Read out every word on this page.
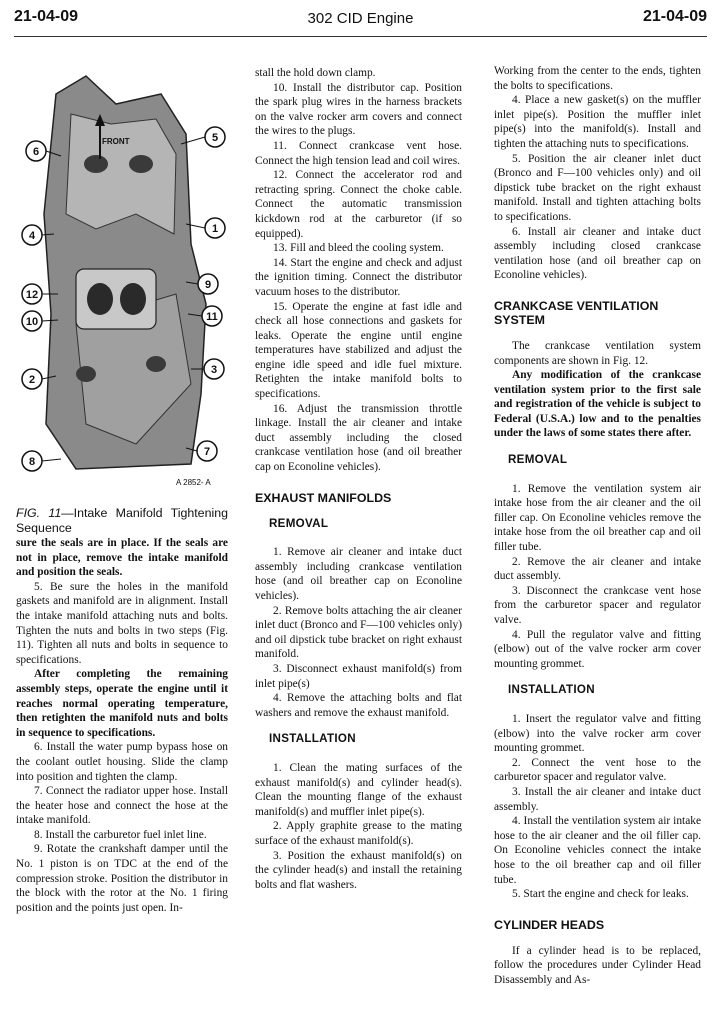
21-04-09	302 CID Engine	21-04-09
6
5
1
4
9
12
11
10
3
2
7
8
FRONT
A 2852- A

FIG. 11—Intake Manifold Tightening Sequence

sure the seals are in place. If the seals are not in place, remove the intake manifold and position the seals.

5. Be sure the holes in the manifold gaskets and manifold are in alignment. Install the intake manifold attaching nuts and bolts. Tighten the nuts and bolts in two steps (Fig. 11). Tighten all nuts and bolts in sequence to specifications.

After completing the remaining assembly steps, operate the engine until it reaches normal operating temperature, then retighten the manifold nuts and bolts in sequence to specifications.

6. Install the water pump bypass hose on the coolant outlet housing. Slide the clamp into position and tighten the clamp.

7. Connect the radiator upper hose. Install the heater hose and connect the hose at the intake manifold.

8. Install the carburetor fuel inlet line.

9. Rotate the crankshaft damper until the No. 1 piston is on TDC at the end of the compression stroke. Position the distributor in the block with the rotor at the No. 1 firing position and the points just open. In-

stall the hold down clamp.

10. Install the distributor cap. Position the spark plug wires in the harness brackets on the valve rocker arm covers and connect the wires to the plugs.

11. Connect crankcase vent hose. Connect the high tension lead and coil wires.

12. Connect the accelerator rod and retracting spring. Connect the choke cable. Connect the automatic transmission kickdown rod at the carburetor (if so equipped).

13. Fill and bleed the cooling system.

14. Start the engine and check and adjust the ignition timing. Connect the distributor vacuum hoses to the distributor.

15. Operate the engine at fast idle and check all hose connections and gaskets for leaks. Operate the engine until engine temperatures have stabilized and adjust the engine idle speed and idle fuel mixture. Retighten the intake manifold bolts to specifications.

16. Adjust the transmission throttle linkage. Install the air cleaner and intake duct assembly including the closed crankcase ventilation hose (and oil breather cap on Econoline vehicles).

EXHAUST MANIFOLDS
REMOVAL

1. Remove air cleaner and intake duct assembly including crankcase ventilation hose (and oil breather cap on Econoline vehicles).

2. Remove bolts attaching the air cleaner inlet duct (Bronco and F—100 vehicles only) and oil dipstick tube bracket on right exhaust manifold.

3. Disconnect exhaust manifold(s) from inlet pipe(s)

4. Remove the attaching bolts and flat washers and remove the exhaust manifold.

INSTALLATION

1. Clean the mating surfaces of the exhaust manifold(s) and cylinder head(s). Clean the mounting flange of the exhaust manifold(s) and muffler inlet pipe(s).

2. Apply graphite grease to the mating surface of the exhaust manifold(s).

3. Position the exhaust manifold(s) on the cylinder head(s) and install the retaining bolts and flat washers.

Working from the center to the ends, tighten the bolts to specifications.

4. Place a new gasket(s) on the muffler inlet pipe(s). Position the muffler inlet pipe(s) into the manifold(s). Install and tighten the attaching nuts to specifications.

5. Position the air cleaner inlet duct (Bronco and F—100 vehicles only) and oil dipstick tube bracket on the right exhaust manifold. Install and tighten attaching bolts to specifications.

6. Install air cleaner and intake duct assembly including closed crankcase ventilation hose (and oil breather cap on Econoline vehicles).

CRANKCASE VENTILATION SYSTEM

The crankcase ventilation system components are shown in Fig. 12.

Any modification of the crankcase ventilation system prior to the first sale and registration of the vehicle is subject to Federal (U.S.A.) low and to the penalties under the laws of some states there after.

REMOVAL

1. Remove the ventilation system air intake hose from the air cleaner and the oil filler cap. On Econoline vehicles remove the intake hose from the oil breather cap and oil filler tube.

2. Remove the air cleaner and intake duct assembly.

3. Disconnect the crankcase vent hose from the carburetor spacer and regulator valve.

4. Pull the regulator valve and fitting (elbow) out of the valve rocker arm cover mounting grommet.

INSTALLATION

1. Insert the regulator valve and fitting (elbow) into the valve rocker arm cover mounting grommet.

2. Connect the vent hose to the carburetor spacer and regulator valve.

3. Install the air cleaner and intake duct assembly.

4. Install the ventilation system air intake hose to the air cleaner and the oil filler cap. On Econoline vehicles connect the intake hose to the oil breather cap and oil filler tube.

5. Start the engine and check for leaks.

CYLINDER HEADS

If a cylinder head is to be replaced, follow the procedures under Cylinder Head Disassembly and As-
